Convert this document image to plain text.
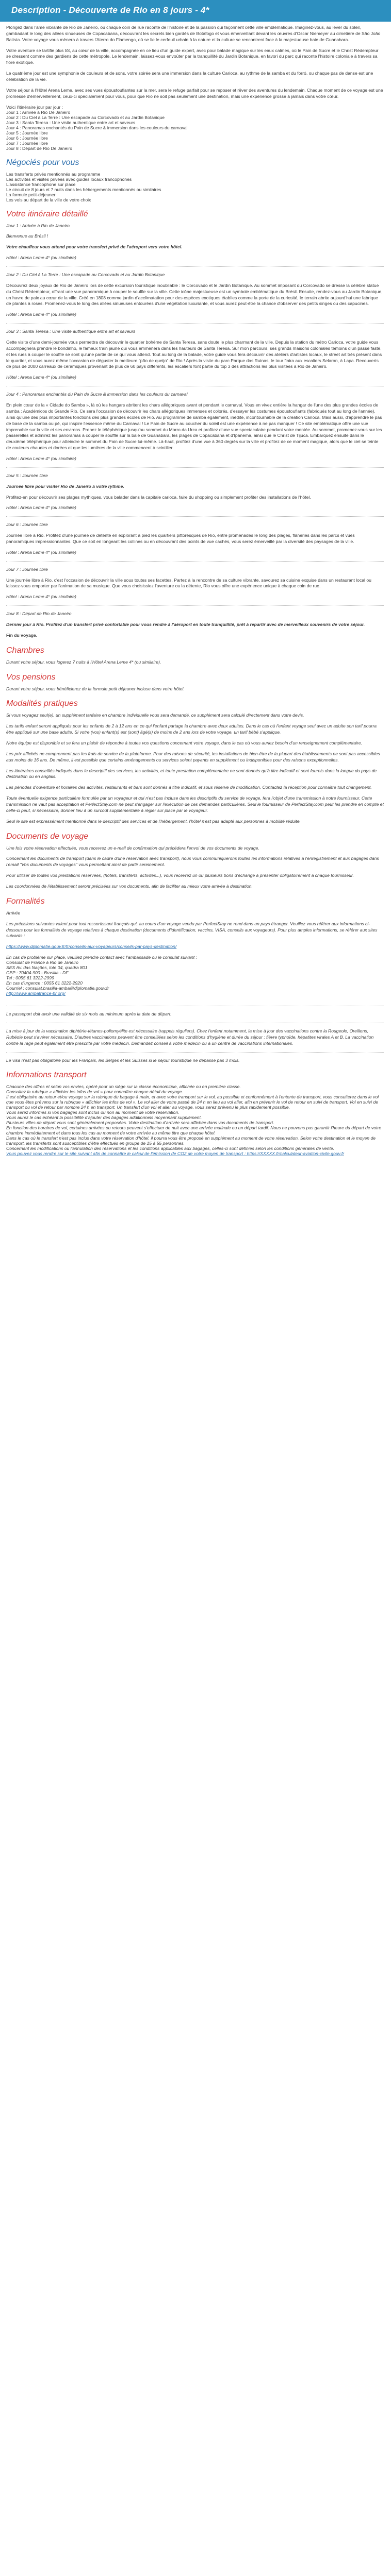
Description - Découverte de Rio en 8 jours - 4*

Plongez dans l'âme vibrante de Rio de Janeiro, ou chaque coin de rue raconte de l'histoire et de la passion qui façonnent cette ville emblématique. Imaginez-vous, au lever du soleil, gambadant le long des allées sinueuses de Copacabana, découvrant les secrets bien gardés de Botafogo et vous émerveillant devant les œuvres d'Oscar Niemeyer au cimetière de São João Batista. Votre voyage vous mènera à travers l'Aterro do Flamengo, où se lie le cerfeuil urbain à la nature et la culture se rencontrent face à la majestueuse baie de Guanabara.

Votre aventure se tartifie plus tôt, au cœur de la ville, accompagnée en ce lieu d'un guide expert, avec pour balade magique sur les eaux calmes, où le Pain de Sucre et le Christ Rédempteur se dressent comme des gardiens de cette métropole. Le lendemain, laissez-vous envoûter par la tranquillité du Jardin Botanique, en favori du parc qui raconte l'histoire coloniale à travers sa flore exotique.

Le quatrième jour est une symphonie de couleurs et de sons, votre soirée sera une immersion dans la culture Carioca, au rythme de la samba et du forró, ou chaque pas de danse est une célébration de la vie.

Votre séjour à l'Hôtel Arena Leme, avec ses vues époustouflantes sur la mer, sera le refuge parfait pour se reposer et rêver des aventures du lendemain. Chaque moment de ce voyage est une promesse d'émerveillement, ceux-ci spécialement pour vous, pour que Rio ne soit pas seulement une destination, mais une expérience grosse à jamais dans votre cœur.

Voici l'itinéraire jour par jour :
Jour 1 : Arrivée à Rio De Janeiro
Jour 2 : Du Ciel à La Terre : Une escapade au Corcovado et au Jardin Botanique
Jour 3 : Santa Teresa : Une visite authentique entre art et saveurs
Jour 4 : Panoramas enchantés du Pain de Sucre & immersion dans les couleurs du carnaval
Jour 5 : Journée libre
Jour 6 : Journée libre
Jour 7 : Journée libre
Jour 8 : Départ de Rio De Janeiro
Négociés pour vous
Les transferts privés mentionnés au programme
Les activités et visites privées avec guides locaux francophones
L'assistance francophone sur place
Le circuit de 8 jours et 7 nuits dans les hébergements mentionnés ou similaires
La formule petit-déjeuner
Les vols au départ de la ville de votre choix
Votre itinéraire détaillé

Jour 1 : Arrivée à Rio de Janeiro

Bienvenue au Brésil !

Votre chauffeur vous attend pour votre transfert privé de l'aéroport vers votre hôtel.

Hôtel : Arena Leme 4* (ou similaire)

Jour 2 : Du Ciel à La Terre : Une escapade au Corcovado et au Jardin Botanique

Découvrez deux joyaux de Rio de Janeiro lors de cette excursion touristique inoubliable : le Corcovado et le Jardin Botanique. Au sommet imposant du Corcovado se dresse la célèbre statue du Christ Rédempteur, offrant une vue panoramique à couper le souffle sur la ville. Cette icône majestueuse est un symbole emblématique du Brésil. Ensuite, rendez-vous au Jardin Botanique, un havre de paix au cœur de la ville. Créé en 1808 comme jardin d'acclimatation pour des espèces exotiques établies comme la porte de la curiosité, le terrain abrite aujourd'hui une fabrique de plantes à roses. Promenez-vous le long des allées sinueuses entourées d'une végétation luxuriante, et vous aurez peut-être la chance d'observer des petits singes ou des capucines.

Hôtel : Arena Leme 4* (ou similaire)

Jour 3 : Santa Teresa : Une visite authentique entre art et saveurs

Cette visite d'une demi-journée vous permettra de découvrir le quartier bohème de Santa Teresa, sans doute le plus charmant de la ville. Depuis la station du métro Carioca, votre guide vous accompagnera prendre le bondinho, le fameux train jaune qui vous emmènera dans les hauteurs de Santa Teresa. Sur mon parcours, ses grands maisons coloniales témoins d'un passé fasté, et les rues à couper le souffle se sont qu'une partie de ce qui vous attend. Tout au long de la balade, votre guide vous fera découvrir des ateliers d'artistes locaux, le street art très présent dans le quartier, et vous aurez même l'occasion de déguster la meilleure "pão de queijo" de Rio ! Après la visite du parc Parque das Ruinas, le tour finira aux escaliers Selaron, à Lapa. Recouverts de plus de 2000 carreaux de céramiques provenant de plus de 60 pays différents, les escaliers font partie du top 3 des attractions les plus visitées à Rio de Janeiro.

Hôtel : Arena Leme 4* (ou similaire)

Jour 4 : Panoramas enchantés du Pain de Sucre & immersion dans les couleurs du carnaval

En plein cœur de la « Cidade do Samba », là où les hangars abritent les chars allégoriques avant et pendant le carnaval. Vous en vivez entière la hangar de l'une des plus grandes écoles de samba : Académicos do Grande Rio. Ce sera l'occasion de découvrir les chars allégoriques immenses et colorés, d'essayer les costumes époustouflants (fabriqués tout au long de l'année), ainsi qu'une des plus importantes fonctions des plus grandes écoles de Rio. Au programme de samba également, inédite, incontournable de la création Carioca. Mais aussi, d'apprendre le pas de base de la samba ou pé, qui inspire l'essence même du Carnaval ! Le Pain de Sucre au coucher du soleil est une expérience à ne pas manquer ! Ce site emblématique offre une vue imprenable sur la ville et ses environs. Prenez le téléphérique jusqu'au sommet du Morro da Urca et profitez d'une vue spectaculaire pendant votre montée. Au sommet, promenez-vous sur les passerelles et admirez les panoramas à couper le souffle sur la baie de Guanabara, les plages de Copacabana et d'Ipanema, ainsi que le Christ de Tijuca. Embarquez ensuite dans le deuxième téléphérique pour atteindre le sommet du Pain de Sucre lui-même. Là-haut, profitez d'une vue à 360 degrés sur la ville et profitez de ce moment magique, alors que le ciel se teinte de couleurs chaudes et dorées et que les lumières de la ville commencent à scintiller.

Hôtel : Arena Leme 4* (ou similaire)

Jour 5 : Journée libre

Journée libre pour visiter Rio de Janeiro à votre rythme.

Profitez-en pour découvrir ses plages mythiques, vous balader dans la capitale carioca, faire du shopping ou simplement profiter des installations de l'hôtel.

Hôtel : Arena Leme 4* (ou similaire)

Jour 6 : Journée libre

Journée libre à Rio. Profitez d'une journée de détente en explorant à pied les quartiers pittoresques de Rio, entre promenades le long des plages, flâneries dans les parcs et vues panoramiques impressionnantes. Que ce soit en longeant les collines ou en découvrant des points de vue cachés, vous serez émerveillé par la diversité des paysages de la ville.

Hôtel : Arena Leme 4* (ou similaire)

Jour 7 : Journée libre

Une journée libre à Rio, c'est l'occasion de découvrir la ville sous toutes ses facettes. Partez à la rencontre de sa culture vibrante, savourez sa cuisine exquise dans un restaurant local ou laissez-vous emporter par l'animation de sa musique. Que vous choisissiez l'aventure ou la détente, Rio vous offre une expérience unique à chaque coin de rue.

Hôtel : Arena Leme 4* (ou similaire)

Jour 8 : Départ de Rio de Janeiro

Dernier jour à Rio. Profitez d'un transfert privé confortable pour vous rendre à l'aéroport en toute tranquillité, prêt à repartir avec de merveilleux souvenirs de votre séjour.

Fin du voyage.

Chambres

Durant votre séjour, vous logerez 7 nuits à l'Hôtel Arena Leme 4* (ou similaire).

Vos pensions

Durant votre séjour, vous bénéficierez de la formule petit déjeuner incluse dans votre hôtel.

Modalités pratiques

Si vous voyagez seul(e), un supplément tarifaire en chambre individuelle vous sera demandé, ce supplément sera calculé directement dans votre devis.

Les tarifs enfant seront appliqués pour les enfants de 2 à 12 ans en ce qui l'enfant partage la chambre avec deux adultes. Dans le cas où l'enfant voyage seul avec un adulte son tarif pourra être appliqué sur une base adulte. Si votre (vos) enfant(s) est (sont) âgé(s) de moins de 2 ans lors de votre voyage, un tarif bébé s'applique.

Notre équipe est disponible et se fera un plaisir de répondre à toutes vos questions concernant votre voyage, dans le cas où vous auriez besoin d'un renseignement complémentaire.

Les prix affichés ne comprennent pas les frais de service de la plateforme. Pour des raisons de sécurité, les installations de bien-être de la plupart des établissements ne sont pas accessibles aux moins de 16 ans. De même, il est possible que certains aménagements ou services soient payants en supplément ou indisponibles pour des raisons exceptionnelles.

Les itinéraires conseillés indiqués dans le descriptif des services, les activités, et toute prestation complémentaire ne sont donnés qu'à titre indicatif et sont fournis dans la langue du pays de destination ou en anglais.

Les périodes d'ouverture et horaires des activités, restaurants et bars sont donnés à titre indicatif, et sous réserve de modification. Contactez la réception pour connaître tout changement.

Toute éventuelle exigence particulière formulée par un voyageur et qui n'est pas incluse dans les descriptifs du service de voyage, fera l'objet d'une transmission à notre fournisseur. Cette transmission ne vaut pas acceptation et PerfectStay.com ne peut s'engager sur l'exécution de ces demandes particulières. Seul le fournisseur de PerfectStay.com peut les prendre en compte et celle-ci peut, si nécessaire, donner lieu à un surcoût supplémentaire à régler sur place par le voyageur.

Seul le site est expressément mentionné dans le descriptif des services et de l'hébergement, l'hôtel n'est pas adapté aux personnes à mobilité réduite.

Documents de voyage

Une fois votre réservation effectuée, vous recevrez un e-mail de confirmation qui précédera l'envoi de vos documents de voyage.

Concernant les documents de transport (dans le cadre d'une réservation avec transport), nous vous communiquerons toutes les informations relatives à l'enregistrement et aux bagages dans l'email "Vos documents de voyages" vous permettant ainsi de partir sereinement.

Pour utiliser de toutes vos prestations réservées, (hôtels, transferts, activités...), vous recevrez un ou plusieurs bons d'échange à présenter obligatoirement à chaque fournisseur.

Les coordonnées de l'établissement seront précisées sur vos documents, afin de faciliter au mieux votre arrivée à destination.

Formalités

Arrivée

Les précisions suivantes valent pour tout ressortissant français qui, au cours d'un voyage vendu par PerfectStay ne rend dans un pays étranger. Veuillez vous référer aux informations ci-dessous pour les formalités de voyage relatives à chaque destination (documents d'identification, vaccins, VISA, conseils aux voyageurs). Pour plus amples informations, se référer aux sites suivants :

https://www.diplomatie.gouv.fr/fr/conseils-aux-voyageurs/conseils-par-pays-destination/

En cas de problème sur place, veuillez prendre contact avec l'ambassade ou le consulat suivant :
Consulat de France à Rio de Janeiro
SES Av. das Nações, lote 04, quadra 801
CEP : 70404-900 - Brasilia - DF
Tel : 0055 61 3222-2999
En cas d'urgence : 0055 61 3222-2920
Courriel : consulat.brasilia-amba@diplomatie.gouv.fr
http://www.ambafrance-br.org/

Le passeport doit avoir une validité de six mois au minimum après la date de départ.

La mise à jour de la vaccination diphtérie-tétanos-poliomyélite est nécessaire (rappels réguliers). Chez l'enfant notamment, la mise à jour des vaccinations contre la Rougeole, Oreillons, Rubéole peut s'avérer nécessaire. D'autres vaccinations peuvent être conseillées selon les conditions d'hygiène et durée du séjour : fièvre typhoïde, hépatites virales A et B. La vaccination contre la rage peut également être prescrite par votre médecin. Demandez conseil à votre médecin ou à un centre de vaccinations internationales.

Le visa n'est pas obligatoire pour les Français, les Belges et les Suisses si le séjour touristique ne dépasse pas 3 mois.

Informations transport
Chacune des offres et selon vos envies, opéré pour un siège sur la classe économique, affichée ou en première classe.
Consultez la rubrique « affichier les infos de vol » pour connaître chaque détail du voyage.
Il est obligatoire au retour et/ou voyage sur la rubrique du bagage à main, et avec votre transport sur le vol, au possible et conformément à l'entente de transport, vous consulterez dans le vol que vous êtes prévenu sur la rubrique « affichier les infos de vol ». Le vol aller de votre passé de 24 h en lieu au vol aller, afin en prévenir le vol de retour en suivi de transport. Vol en suivi de transport ou vol de retour par nombre 24 h en transport. Un transfert d'un vol et aller au voyage, vous serez prévenu le plus rapidement possible.
Vous serez informés si vos bagages sont inclus ou non au moment de votre réservation.
Vous aurez le cas échéant la possibilité d'ajouter des bagages additionnels moyennant supplément.
Plusieurs villes de départ vous sont généralement proposées. Votre destination d'arrivée sera affichée dans vos documents de transport.
En fonction des horaires de vol, certaines arrivées ou retours peuvent s'effectuer de nuit avec une arrivée matinale ou un départ tardif. Nous ne pouvons pas garantir l'heure du départ de votre chambre immédiatement et dans tous les cas au moment de votre arrivée au même titre que chaque hôtel.
Dans le cas où le transfert n'est pas inclus dans votre réservation d'hôtel, il pourra vous être proposé en supplément au moment de votre réservation. Selon votre destination et le moyen de transport, les transferts sont susceptibles d'être effectués en groupe de 15 à 55 personnes.
Concernant les modifications ou l'annulation des réservations et les conditions applicables aux bagages, celles-ci sont définies selon les conditions générales de vente.
Vous pouvez vous rendre sur le site suivant afin de connaître le calcul de l'émission de CO2 de votre moyen de transport : https://XXXXX.fr/calculateur-aviation-civile.gouv.fr
